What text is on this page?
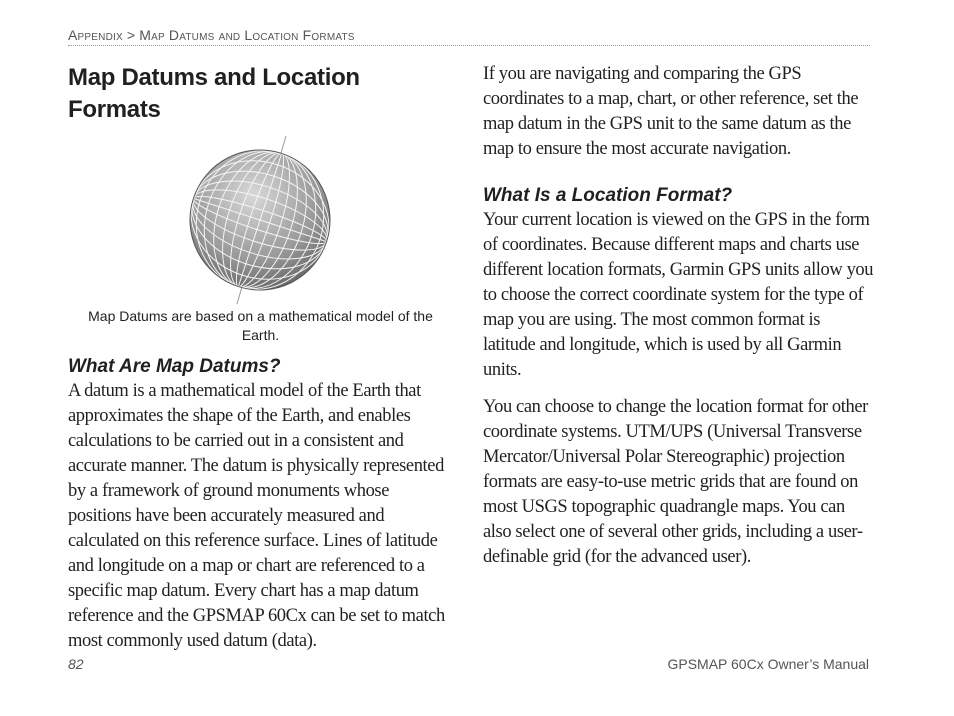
Appendix > Map Datums and Location Formats
Map Datums and Location Formats
Map Datums are based on a mathematical model of the Earth.
What Are Map Datums?

A datum is a mathematical model of the Earth that approximates the shape of the Earth, and enables calculations to be carried out in a consistent and accurate manner. The datum is physically represented by a framework of ground monuments whose positions have been accurately measured and calculated on this reference surface. Lines of latitude and longitude on a map or chart are referenced to a specific map datum. Every chart has a map datum reference and the GPSMAP 60Cx can be set to match most commonly used datum (data).

If you are navigating and comparing the GPS coordinates to a map, chart, or other reference, set the map datum in the GPS unit to the same datum as the map to ensure the most accurate navigation.

What Is a Location Format?

Your current location is viewed on the GPS in the form of coordinates. Because different maps and charts use different location formats, Garmin GPS units allow you to choose the correct coordinate system for the type of map you are using. The most common format is latitude and longitude, which is used by all Garmin units.

You can choose to change the location format for other coordinate systems. UTM/UPS (Universal Transverse Mercator/Universal Polar Stereographic) projection formats are easy-to-use metric grids that are found on most USGS topographic quadrangle maps. You can also select one of several other grids, including a user-definable grid (for the advanced user).

82	GPSMAP 60Cx Owner’s Manual
